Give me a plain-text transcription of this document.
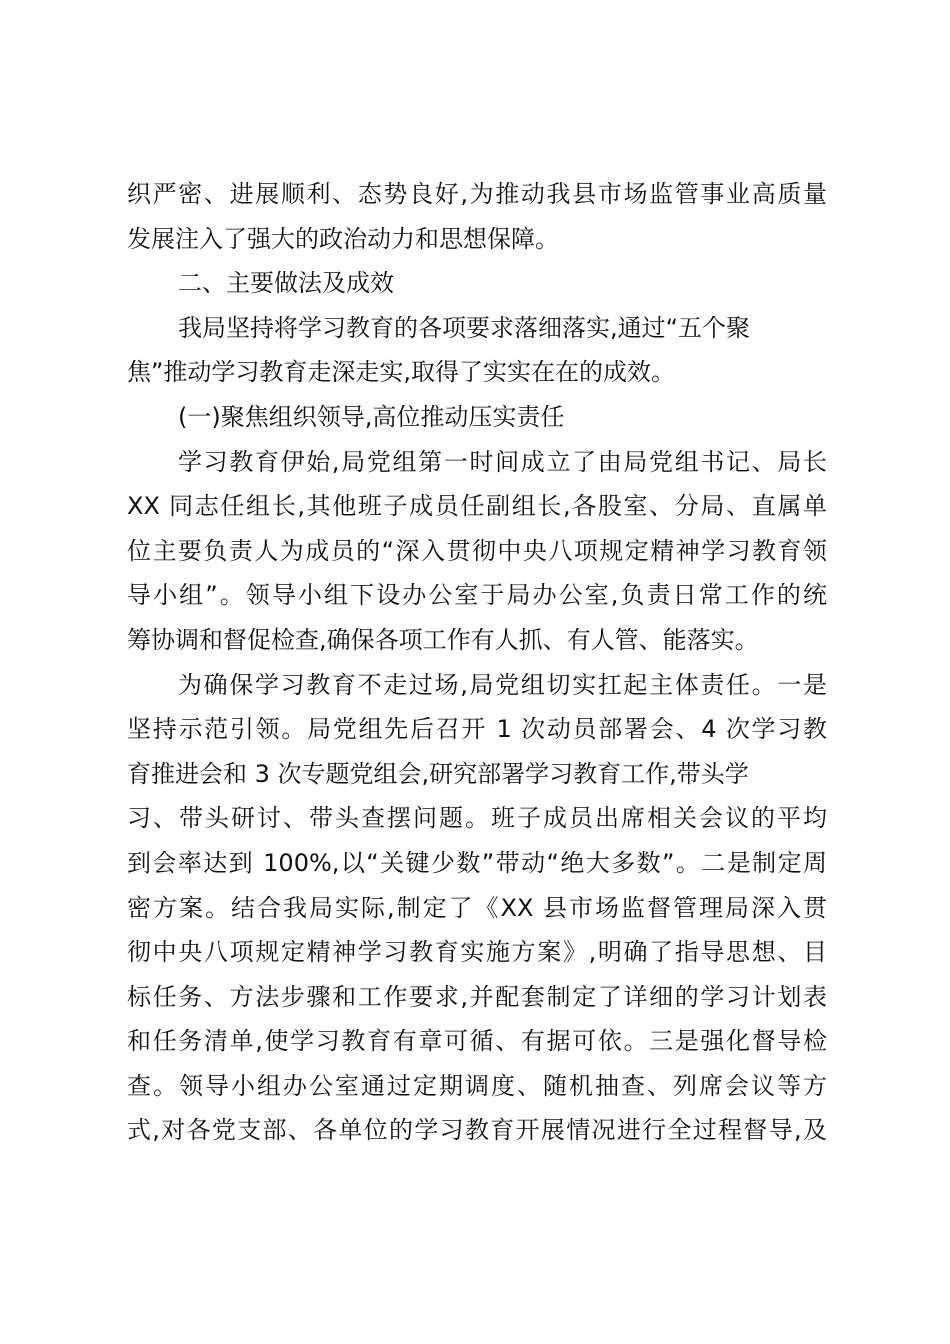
织严密、进展顺利、态势良好,为推动我县市场监管事业高质量
发展注入了强大的政治动力和思想保障。
二、主要做法及成效
我局坚持将学习教育的各项要求落细落实,通过“五个聚
焦”推动学习教育走深走实,取得了实实在在的成效。
(一)聚焦组织领导,高位推动压实责任
学习教育伊始,局党组第一时间成立了由局党组书记、局长
XX 同志任组长,其他班子成员任副组长,各股室、分局、直属单
位主要负责人为成员的“深入贯彻中央八项规定精神学习教育领
导小组”。领导小组下设办公室于局办公室,负责日常工作的统
筹协调和督促检查,确保各项工作有人抓、有人管、能落实。
为确保学习教育不走过场,局党组切实扛起主体责任。一是
坚持示范引领。局党组先后召开 1 次动员部署会、4 次学习教
育推进会和 3 次专题党组会,研究部署学习教育工作,带头学
习、带头研讨、带头查摆问题。班子成员出席相关会议的平均
到会率达到 100%,以“关键少数”带动“绝大多数”。二是制定周
密方案。结合我局实际,制定了《XX 县市场监督管理局深入贯
彻中央八项规定精神学习教育实施方案》,明确了指导思想、目
标任务、方法步骤和工作要求,并配套制定了详细的学习计划表
和任务清单,使学习教育有章可循、有据可依。三是强化督导检
查。领导小组办公室通过定期调度、随机抽查、列席会议等方
式,对各党支部、各单位的学习教育开展情况进行全过程督导,及
